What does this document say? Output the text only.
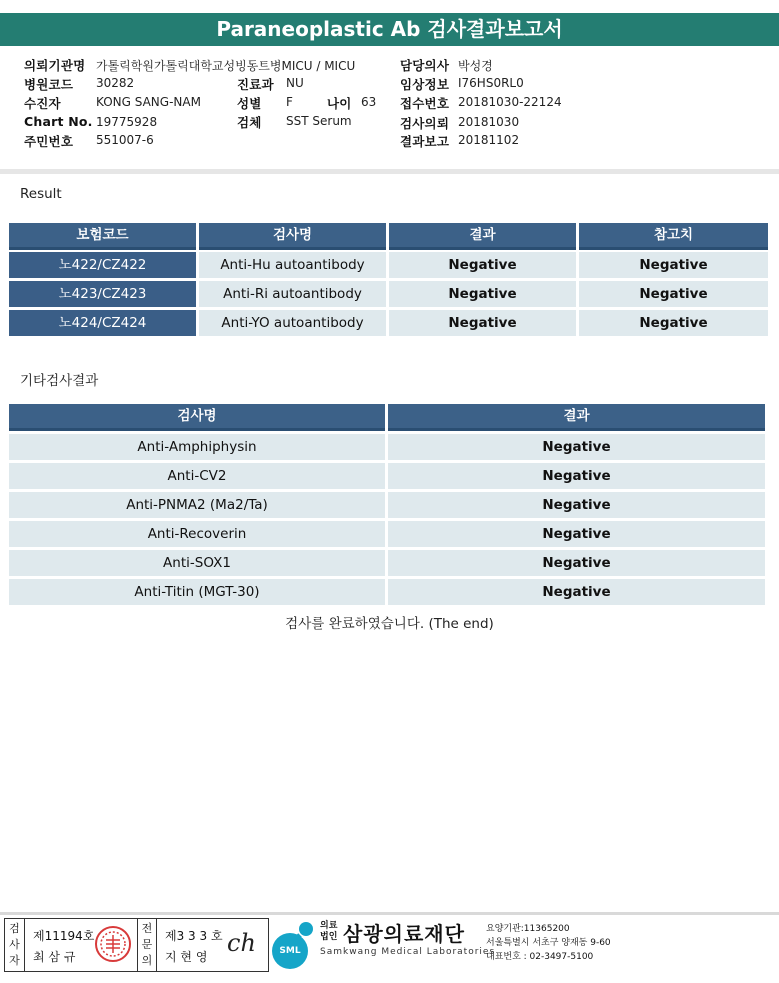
Paraneoplastic Ab 검사결과보고서
의뢰기관명 가톨릭학원가톨릭대학교성빙동트병MICU / MICU
병원코드 30282	진료과 NU
수진자	KONG SANG-NAM	성별 F	나이 63
Chart No. 19775928	검체 SST Serum
주민번호 551007-6
담당의사 박성경
임상정보 I76HS0RL0
접수번호 20181030-22124
검사의뢰 20181030
결과보고 20181102
Result
보험코드	검사명	결과	참고치
노422/CZ422	Anti-Hu autoantibody	Negative	Negative
노423/CZ423	Anti-Ri autoantibody	Negative	Negative
노424/CZ424	Anti-YO autoantibody	Negative	Negative
기타검사결과
검사명	결과
Anti-Amphiphysin	Negative
Anti-CV2	Negative
Anti-PNMA2 (Ma2/Ta)	Negative
Anti-Recoverin	Negative
Anti-SOX1	Negative
Anti-Titin (MGT-30)	Negative
검사를 완료하였습니다. (The end)
검
사
자
제11194호
최 삼 규
전
문
의
제3 3 3 호
지 현 영 ch	SML
의료
법인 삼광의료재단
Samkwang Medical Laboratories
요양기관:11365200
서울특별시 서초구 양재동 9-60
대표번호 : 02-3497-5100
